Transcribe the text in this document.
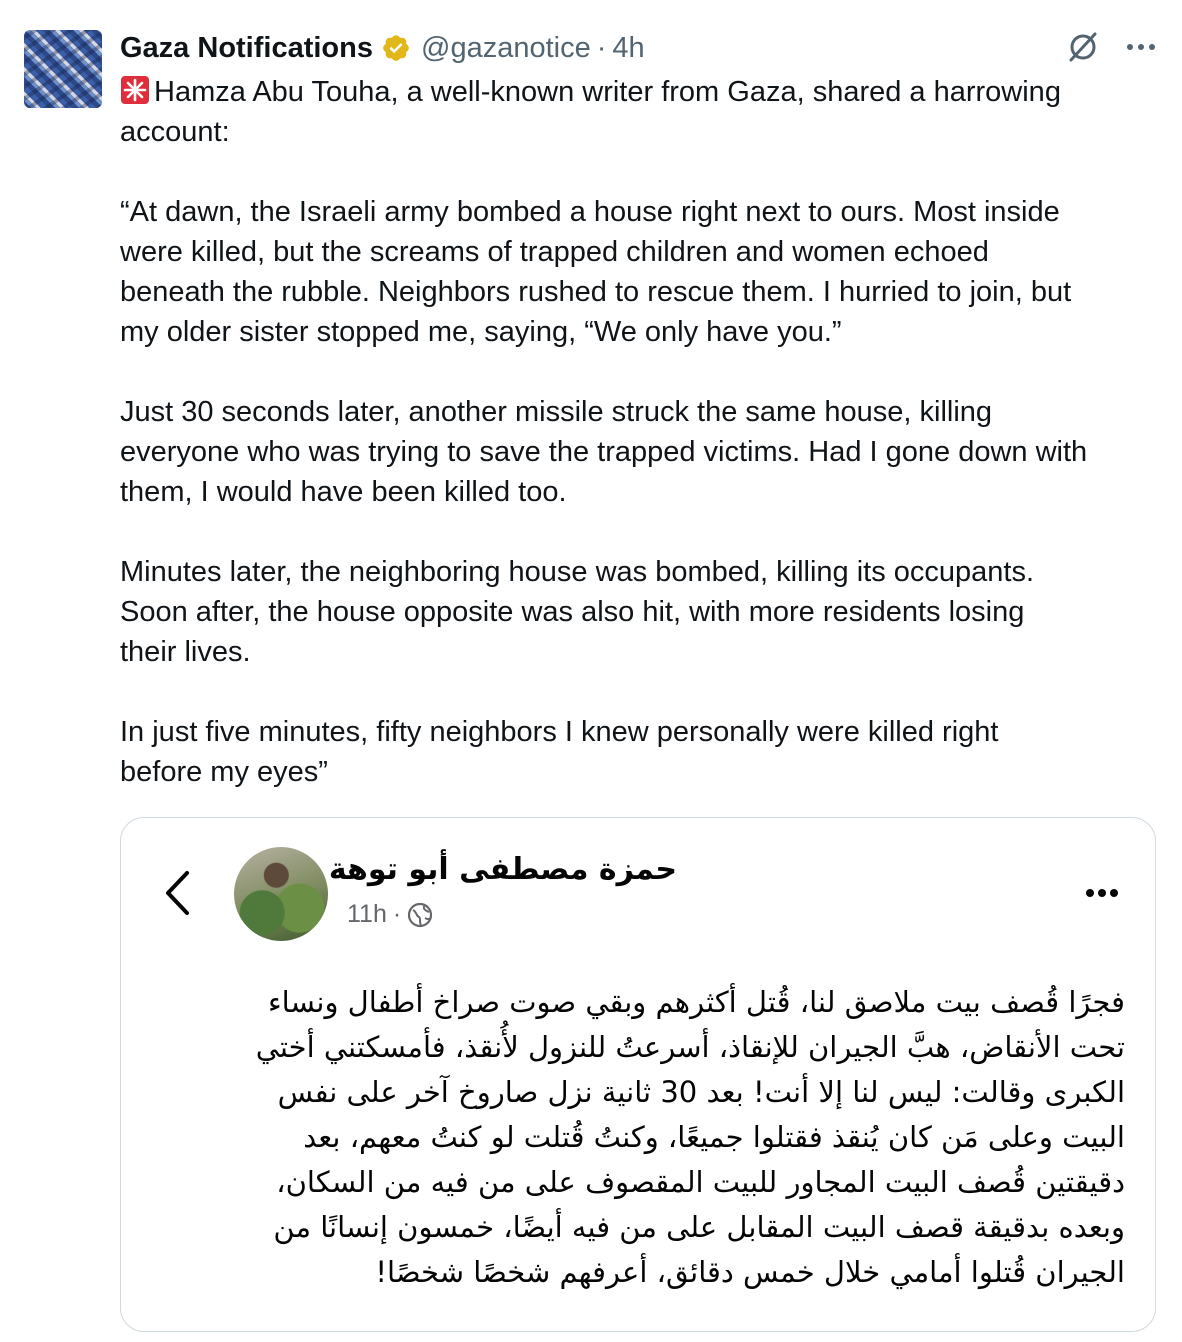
Gaza Notifications @gazanotice · 4h
Hamza Abu Touha, a well-known writer from Gaza, shared a harrowing
account:

“At dawn, the Israeli army bombed a house right next to ours. Most inside
were killed, but the screams of trapped children and women echoed
beneath the rubble. Neighbors rushed to rescue them. I hurried to join, but
my older sister stopped me, saying, “We only have you.”

Just 30 seconds later, another missile struck the same house, killing
everyone who was trying to save the trapped victims. Had I gone down with
them, I would have been killed too.

Minutes later, the neighboring house was bombed, killing its occupants.
Soon after, the house opposite was also hit, with more residents losing
their lives.

In just five minutes, fifty neighbors I knew personally were killed right
before my eyes”
حمزة مصطفى أبو توهة
11h ·
فجرًا قُصف بيت ملاصق لنا، قُتل أكثرهم وبقي صوت صراخ أطفال ونساء
تحت الأنقاض، هبَّ الجيران للإنقاذ، أسرعتُ للنزول لأُنقذ، فأمسكتني أختي
الكبرى وقالت: ليس لنا إلا أنت! بعد 30 ثانية نزل صاروخ آخر على نفس
البيت وعلى مَن كان يُنقذ فقتلوا جميعًا، وكنتُ قُتلت لو كنتُ معهم، بعد
دقيقتين قُصف البيت المجاور للبيت المقصوف على من فيه من السكان،
وبعده بدقيقة قصف البيت المقابل على من فيه أيضًا، خمسون إنسانًا من
الجيران قُتلوا أمامي خلال خمس دقائق، أعرفهم شخصًا شخصًا!
